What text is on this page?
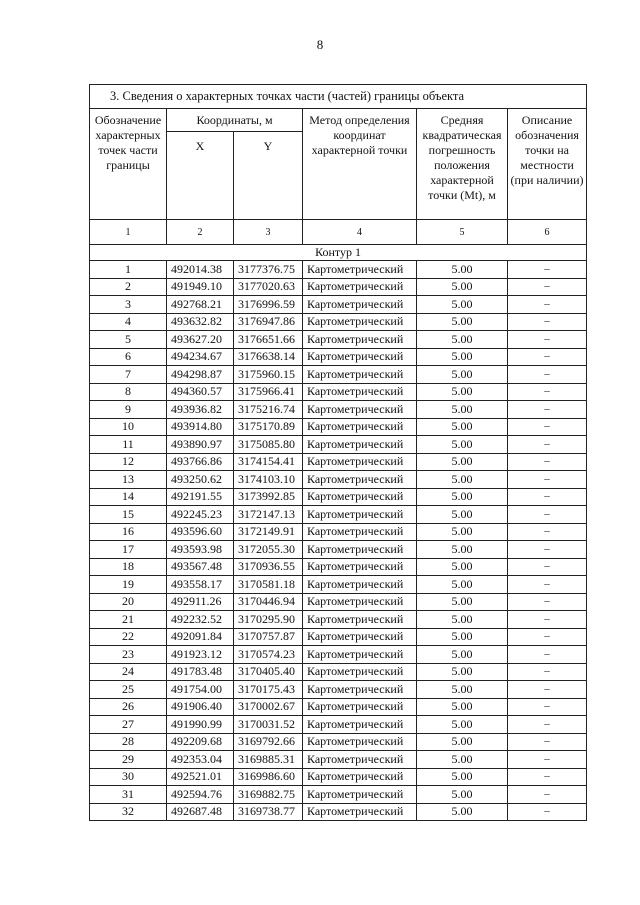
8
3. Сведения о характерных точках части (частей) границы объекта					
Обозначение характерных точек части границы	Координаты, м		Метод определения координат характерной точки	Средняя квадратическая погрешность положения характерной точки (Mt), м	Описание обозначения точки на местности (при наличии)
	X	Y			
1	2	3	4	5	6
Контур 1					
1	492014.38	3177376.75	Картометрический	5.00	–
2	491949.10	3177020.63	Картометрический	5.00	–
3	492768.21	3176996.59	Картометрический	5.00	–
4	493632.82	3176947.86	Картометрический	5.00	–
5	493627.20	3176651.66	Картометрический	5.00	–
6	494234.67	3176638.14	Картометрический	5.00	–
7	494298.87	3175960.15	Картометрический	5.00	–
8	494360.57	3175966.41	Картометрический	5.00	–
9	493936.82	3175216.74	Картометрический	5.00	–
10	493914.80	3175170.89	Картометрический	5.00	–
11	493890.97	3175085.80	Картометрический	5.00	–
12	493766.86	3174154.41	Картометрический	5.00	–
13	493250.62	3174103.10	Картометрический	5.00	–
14	492191.55	3173992.85	Картометрический	5.00	–
15	492245.23	3172147.13	Картометрический	5.00	–
16	493596.60	3172149.91	Картометрический	5.00	–
17	493593.98	3172055.30	Картометрический	5.00	–
18	493567.48	3170936.55	Картометрический	5.00	–
19	493558.17	3170581.18	Картометрический	5.00	–
20	492911.26	3170446.94	Картометрический	5.00	–
21	492232.52	3170295.90	Картометрический	5.00	–
22	492091.84	3170757.87	Картометрический	5.00	–
23	491923.12	3170574.23	Картометрический	5.00	–
24	491783.48	3170405.40	Картометрический	5.00	–
25	491754.00	3170175.43	Картометрический	5.00	–
26	491906.40	3170002.67	Картометрический	5.00	–
27	491990.99	3170031.52	Картометрический	5.00	–
28	492209.68	3169792.66	Картометрический	5.00	–
29	492353.04	3169885.31	Картометрический	5.00	–
30	492521.01	3169986.60	Картометрический	5.00	–
31	492594.76	3169882.75	Картометрический	5.00	–
32	492687.48	3169738.77	Картометрический	5.00	–
